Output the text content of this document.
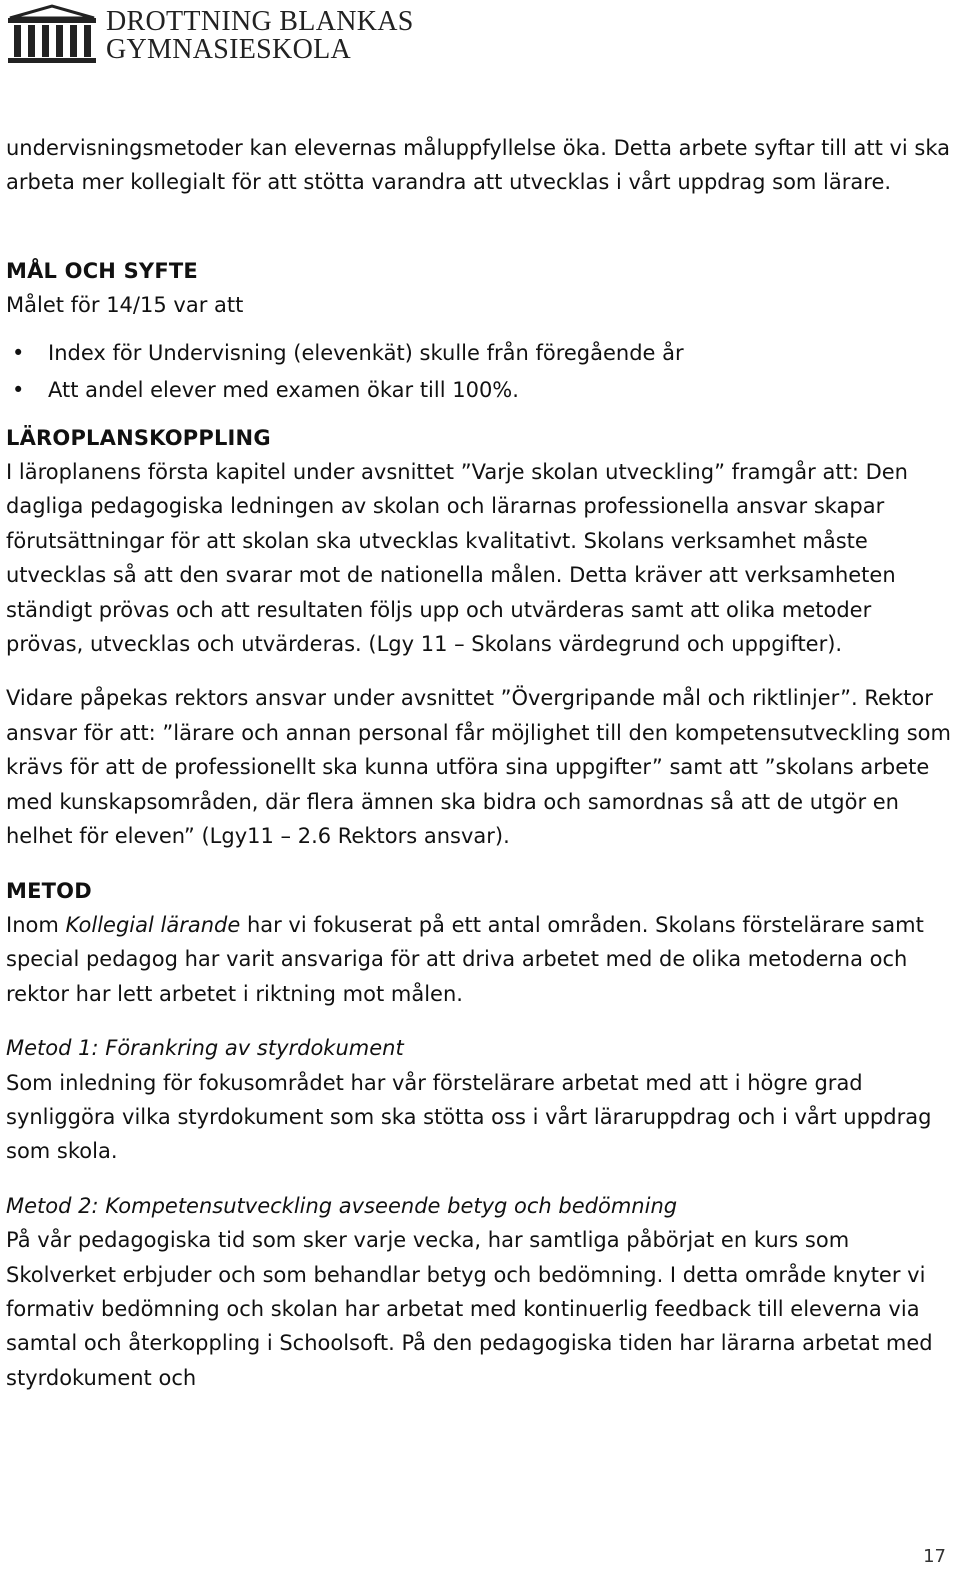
DROTTNING BLANKAS
GYMNASIESKOLA

undervisningsmetoder kan elevernas måluppfyllelse öka. Detta arbete syftar till att vi ska arbeta mer kollegialt för att stötta varandra att utvecklas i vårt uppdrag som lärare.

MÅL OCH SYFTE

Målet för 14/15 var att

• Index för Undervisning (elevenkät) skulle från föregående år
• Att andel elever med examen ökar till 100%.
LÄROPLANSKOPPLING

I läroplanens första kapitel under avsnittet ”Varje skolan utveckling” framgår att: Den dagliga pedagogiska ledningen av skolan och lärarnas professionella ansvar skapar förutsättningar för att skolan ska utvecklas kvalitativt. Skolans verksamhet måste utvecklas så att den svarar mot de nationella målen. Detta kräver att verksamheten ständigt prövas och att resultaten följs upp och utvärderas samt att olika metoder prövas, utvecklas och utvärderas. (Lgy 11 – Skolans värdegrund och uppgifter).

Vidare påpekas rektors ansvar under avsnittet ”Övergripande mål och riktlinjer”. Rektor ansvar för att: ”lärare och annan personal får möjlighet till den kompetensutveckling som krävs för att de professionellt ska kunna utföra sina uppgifter” samt att ”skolans arbete med kunskapsområden, där flera ämnen ska bidra och samordnas så att de utgör en helhet för eleven” (Lgy11 – 2.6 Rektors ansvar).

METOD

Inom Kollegial lärande har vi fokuserat på ett antal områden. Skolans förstelärare samt special pedagog har varit ansvariga för att driva arbetet med de olika metoderna och rektor har lett arbetet i riktning mot målen.

Metod 1: Förankring av styrdokument

Som inledning för fokusområdet har vår förstelärare arbetat med att i högre grad synliggöra vilka styrdokument som ska stötta oss i vårt läraruppdrag och i vårt uppdrag som skola.

Metod 2: Kompetensutveckling avseende betyg och bedömning

På vår pedagogiska tid som sker varje vecka, har samtliga påbörjat en kurs som Skolverket erbjuder och som behandlar betyg och bedömning. I detta område knyter vi formativ bedömning och skolan har arbetat med kontinuerlig feedback till eleverna via samtal och återkoppling i Schoolsoft. På den pedagogiska tiden har lärarna arbetat med styrdokument och

17
